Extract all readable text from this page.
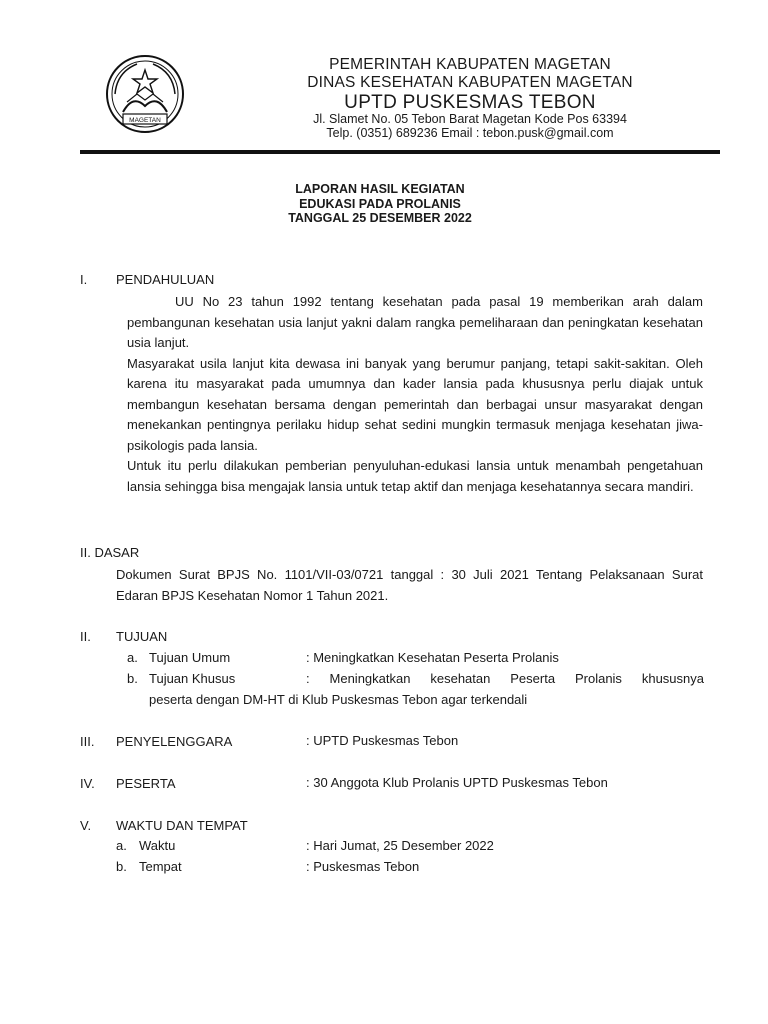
MAGETAN
PEMERINTAH KABUPATEN MAGETAN
DINAS KESEHATAN KABUPATEN MAGETAN
UPTD PUSKESMAS TEBON
Jl. Slamet No. 05 Tebon Barat Magetan Kode Pos 63394
Telp. (0351) 689236 Email : tebon.pusk@gmail.com
LAPORAN HASIL KEGIATAN
EDUKASI PADA PROLANIS
TANGGAL 25 DESEMBER 2022
I. PENDAHULUAN

UU No 23 tahun 1992 tentang kesehatan pada pasal 19 memberikan arah dalam pembangunan kesehatan usia lanjut yakni dalam rangka pemeliharaan dan peningkatan kesehatan usia lanjut.

Masyarakat usila lanjut kita dewasa ini banyak yang berumur panjang, tetapi sakit-sakitan. Oleh karena itu masyarakat pada umumnya dan kader lansia pada khususnya perlu diajak untuk membangun kesehatan bersama dengan pemerintah dan berbagai unsur masyarakat dengan menekankan pentingnya perilaku hidup sehat sedini mungkin termasuk menjaga kesehatan jiwa-psikologis pada lansia.

Untuk itu perlu dilakukan pemberian penyuluhan-edukasi lansia untuk menambah pengetahuan lansia sehingga bisa mengajak lansia untuk tetap aktif dan menjaga kesehatannya secara mandiri.

II. DASAR

Dokumen Surat BPJS No. 1101/VII-03/0721 tanggal : 30 Juli 2021 Tentang Pelaksanaan Surat Edaran BPJS Kesehatan Nomor 1 Tahun 2021.

II. TUJUAN
a. Tujuan Umum	: Meningkatkan Kesehatan Peserta Prolanis
b. Tujuan Khusus	: Meningkatkan kesehatan Peserta Prolanis khususnya
peserta dengan DM-HT di Klub Puskesmas Tebon agar terkendali
III. PENYELENGGARA	: UPTD Puskesmas Tebon
IV. PESERTA	: 30 Anggota Klub Prolanis UPTD Puskesmas Tebon
V. WAKTU DAN TEMPAT
a. Waktu	: Hari Jumat, 25 Desember 2022
b. Tempat	: Puskesmas Tebon
